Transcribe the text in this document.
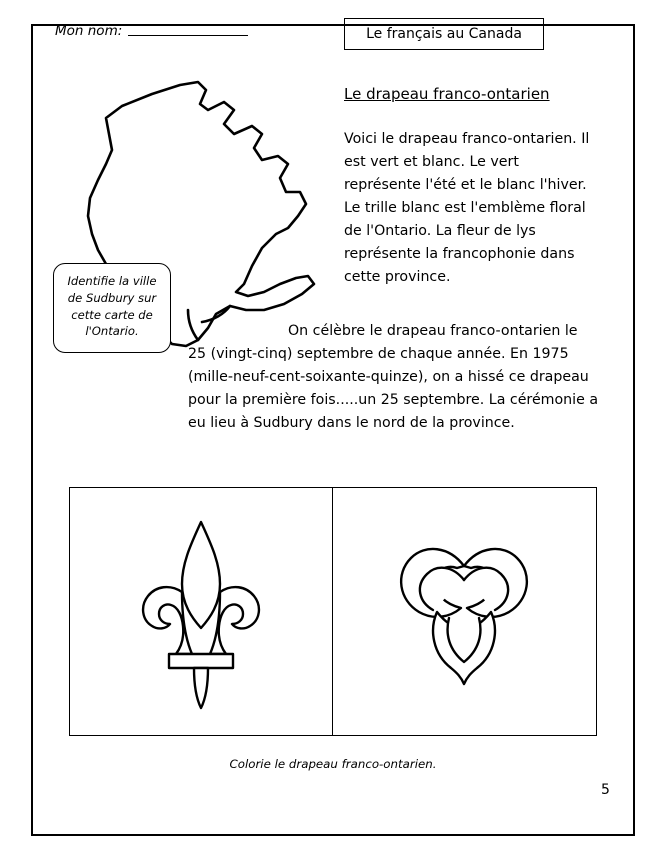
Mon nom:	Le français au Canada
Le drapeau franco-ontarien
Voici le drapeau franco-ontarien. Il est vert et blanc. Le vert représente l'été et le blanc l'hiver. Le trille blanc est l'emblème floral de l'Ontario. La fleur de lys représente la francophonie dans cette province.
On célèbre le drapeau franco-ontarien le 25 (vingt-cinq) septembre de chaque année. En 1975 (mille-neuf-cent-soixante-quinze), on a hissé ce drapeau pour la première fois.....un 25 septembre. La cérémonie a eu lieu à Sudbury dans le nord de la province.
Identifie la ville de Sudbury sur cette carte de l'Ontario.
Colorie le drapeau franco-ontarien.
5
